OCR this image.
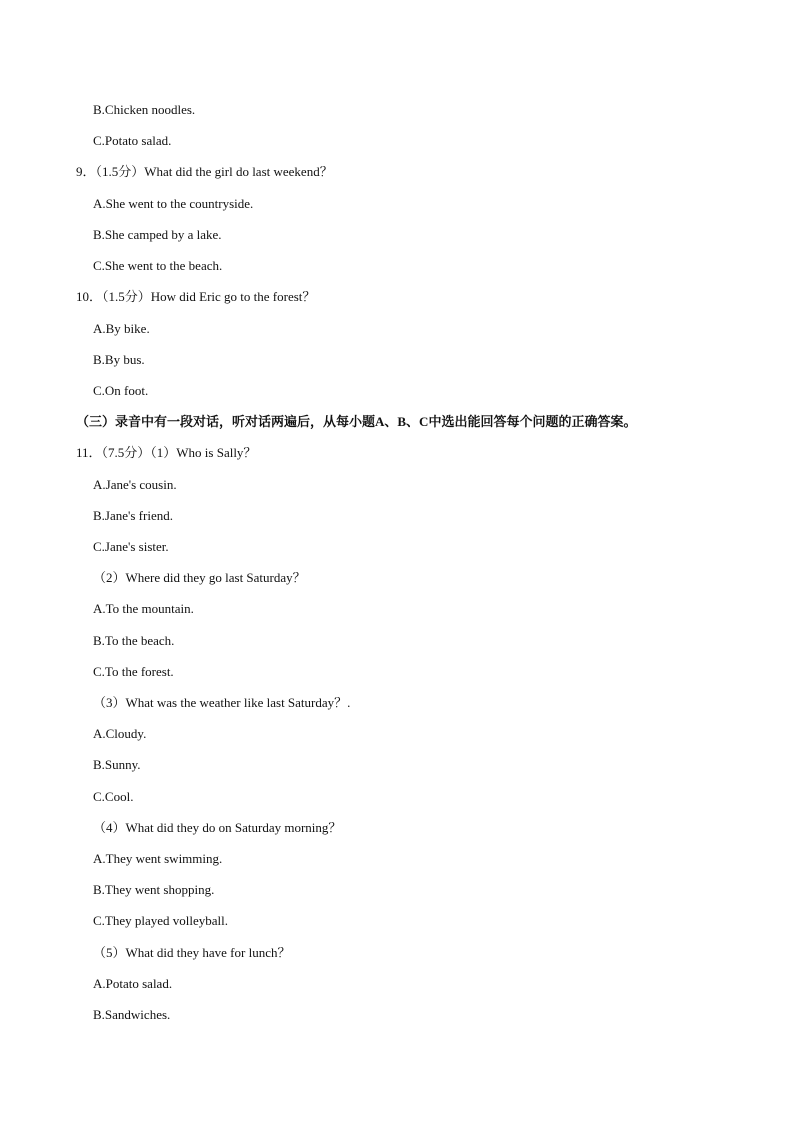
B.Chicken noodles.
C.Potato salad.
9．（1.5分）What did the girl do last weekend？
A.She went to the countryside.
B.She camped by a lake.
C.She went to the beach.
10．（1.5分）How did Eric go to the forest？
A.By bike.
B.By bus.
C.On foot.
（三）录音中有一段对话，听对话两遍后，从每小题A、B、C中选出能回答每个问题的正确答案。
11．（7.5分）（1）Who is Sally？
A.Jane's cousin.
B.Jane's friend.
C.Jane's sister.
（2）Where did they go last Saturday？
A.To the mountain.
B.To the beach.
C.To the forest.
（3）What was the weather like last Saturday？.
A.Cloudy.
B.Sunny.
C.Cool.
（4）What did they do on Saturday morning？
A.They went swimming.
B.They went shopping.
C.They played volleyball.
（5）What did they have for lunch？
A.Potato salad.
B.Sandwiches.
